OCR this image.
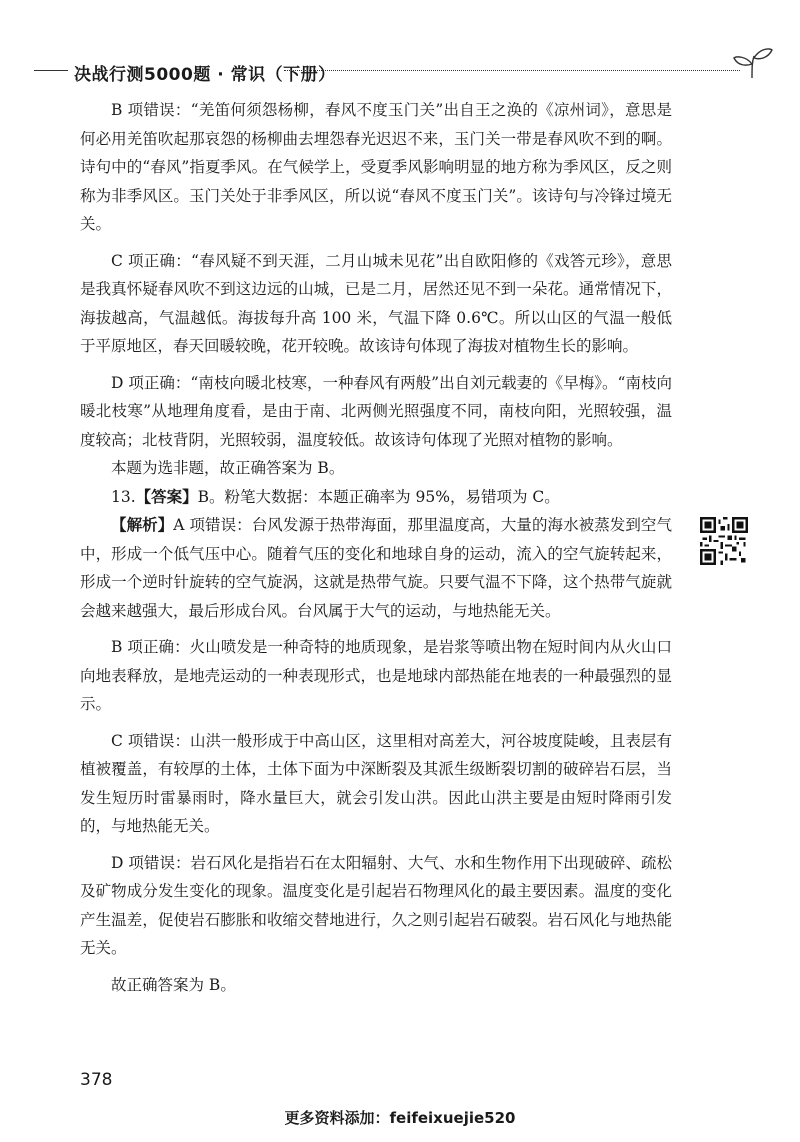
决战行测5000题 · 常识（下册）

B 项错误：“羌笛何须怨杨柳，春风不度玉门关”出自王之涣的《凉州词》，意思是何必用羌笛吹起那哀怨的杨柳曲去埋怨春光迟迟不来，玉门关一带是春风吹不到的啊。诗句中的“春风”指夏季风。在气候学上，受夏季风影响明显的地方称为季风区，反之则称为非季风区。玉门关处于非季风区，所以说“春风不度玉门关”。该诗句与冷锋过境无关。

C 项正确：“春风疑不到天涯，二月山城未见花”出自欧阳修的《戏答元珍》，意思是我真怀疑春风吹不到这边远的山城，已是二月，居然还见不到一朵花。通常情况下，海拔越高，气温越低。海拔每升高 100 米，气温下降 0.6℃。所以山区的气温一般低于平原地区，春天回暖较晚，花开较晚。故该诗句体现了海拔对植物生长的影响。

D 项正确：“南枝向暖北枝寒，一种春风有两般”出自刘元载妻的《早梅》。“南枝向暖北枝寒”从地理角度看，是由于南、北两侧光照强度不同，南枝向阳，光照较强，温度较高；北枝背阴，光照较弱，温度较低。故该诗句体现了光照对植物的影响。

本题为选非题，故正确答案为 B。

13.【答案】B。粉笔大数据：本题正确率为 95%，易错项为 C。

【解析】A 项错误：台风发源于热带海面，那里温度高，大量的海水被蒸发到空气中，形成一个低气压中心。随着气压的变化和地球自身的运动，流入的空气旋转起来，形成一个逆时针旋转的空气旋涡，这就是热带气旋。只要气温不下降，这个热带气旋就会越来越强大，最后形成台风。台风属于大气的运动，与地热能无关。

B 项正确：火山喷发是一种奇特的地质现象，是岩浆等喷出物在短时间内从火山口向地表释放，是地壳运动的一种表现形式，也是地球内部热能在地表的一种最强烈的显示。

C 项错误：山洪一般形成于中高山区，这里相对高差大，河谷坡度陡峻，且表层有植被覆盖，有较厚的土体，土体下面为中深断裂及其派生级断裂切割的破碎岩石层，当发生短历时雷暴雨时，降水量巨大，就会引发山洪。因此山洪主要是由短时降雨引发的，与地热能无关。

D 项错误：岩石风化是指岩石在太阳辐射、大气、水和生物作用下出现破碎、疏松及矿物成分发生变化的现象。温度变化是引起岩石物理风化的最主要因素。温度的变化产生温差，促使岩石膨胀和收缩交替地进行，久之则引起岩石破裂。岩石风化与地热能无关。

故正确答案为 B。

378
更多资料添加：feifeixuejie520
